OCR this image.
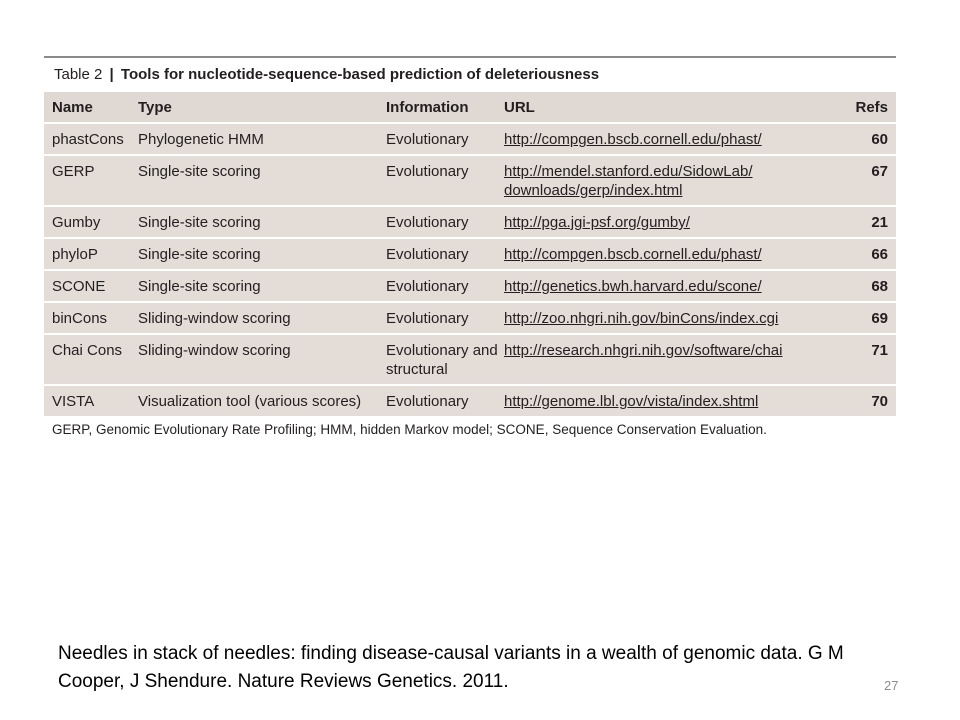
Table 2 | Tools for nucleotide-sequence-based prediction of deleteriousness
Name	Type	Information	URL	Refs
phastCons	Phylogenetic HMM	Evolutionary	http://compgen.bscb.cornell.edu/phast/	60
GERP	Single-site scoring	Evolutionary	http://mendel.stanford.edu/SidowLab/ downloads/gerp/index.html	67
Gumby	Single-site scoring	Evolutionary	http://pga.jgi-psf.org/gumby/	21
phyloP	Single-site scoring	Evolutionary	http://compgen.bscb.cornell.edu/phast/	66
SCONE	Single-site scoring	Evolutionary	http://genetics.bwh.harvard.edu/scone/	68
binCons	Sliding-window scoring	Evolutionary	http://zoo.nhgri.nih.gov/binCons/index.cgi	69
Chai Cons	Sliding-window scoring	Evolutionary and structural	http://research.nhgri.nih.gov/software/chai	71
VISTA	Visualization tool (various scores)	Evolutionary	http://genome.lbl.gov/vista/index.shtml	70
GERP, Genomic Evolutionary Rate Profiling; HMM, hidden Markov model; SCONE, Sequence Conservation Evaluation.
Needles in stack of needles: finding disease-causal variants in a wealth of genomic data. G M Cooper, J Shendure. Nature Reviews Genetics. 2011.	27
